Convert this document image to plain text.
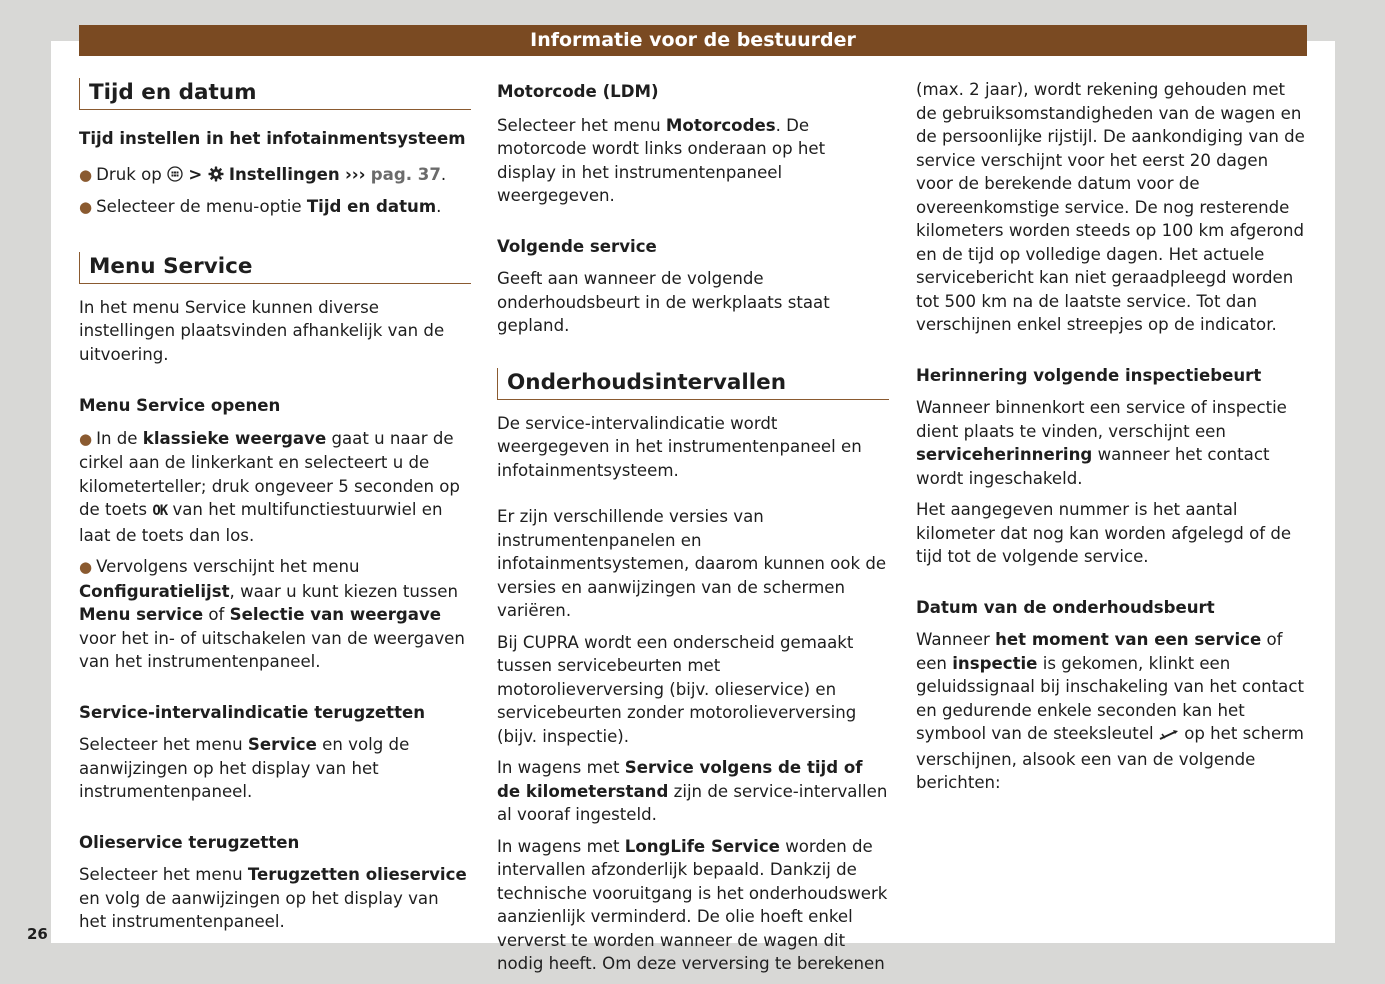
Informatie voor de bestuurder
Tijd en datum

Tijd instellen in het infotainmentsysteem

● Druk op > Instellingen ››› pag. 37.

● Selecteer de menu-optie Tijd en datum.

Menu Service

In het menu Service kunnen diverse instellingen plaatsvinden afhankelijk van de uitvoering.

Menu Service openen

● In de klassieke weergave gaat u naar de cirkel aan de linkerkant en selecteert u de kilometerteller; druk ongeveer 5 seconden op de toets OK van het multifunctiestuurwiel en laat de toets dan los.

● Vervolgens verschijnt het menu Configuratielijst, waar u kunt kiezen tussen Menu service of Selectie van weergave voor het in- of uitschakelen van de weergaven van het instrumentenpaneel.

Service-intervalindicatie terugzetten

Selecteer het menu Service en volg de aanwijzingen op het display van het instrumentenpaneel.

Olieservice terugzetten

Selecteer het menu Terugzetten olieservice en volg de aanwijzingen op het display van het instrumentenpaneel.

Motorcode (LDM)

Selecteer het menu Motorcodes. De motorcode wordt links onderaan op het display in het instrumentenpaneel weergegeven.

Volgende service

Geeft aan wanneer de volgende onderhoudsbeurt in de werkplaats staat gepland.

Onderhoudsintervallen

De service-intervalindicatie wordt weergegeven in het instrumentenpaneel en infotainmentsysteem.

Er zijn verschillende versies van instrumentenpanelen en infotainmentsystemen, daarom kunnen ook de versies en aanwijzingen van de schermen variëren.

Bij CUPRA wordt een onderscheid gemaakt tussen servicebeurten met motorolieverversing (bijv. olieservice) en servicebeurten zonder motorolieverversing (bijv. inspectie).

In wagens met Service volgens de tijd of de kilometerstand zijn de service-intervallen al vooraf ingesteld.

In wagens met LongLife Service worden de intervallen afzonderlijk bepaald. Dankzij de technische vooruitgang is het onderhoudswerk aanzienlijk verminderd. De olie hoeft enkel ververst te worden wanneer de wagen dit nodig heeft. Om deze verversing te berekenen

(max. 2 jaar), wordt rekening gehouden met de gebruiksomstandigheden van de wagen en de persoonlijke rijstijl. De aankondiging van de service verschijnt voor het eerst 20 dagen voor de berekende datum voor de overeenkomstige service. De nog resterende kilometers worden steeds op 100 km afgerond en de tijd op volledige dagen. Het actuele servicebericht kan niet geraadpleegd worden tot 500 km na de laatste service. Tot dan verschijnen enkel streepjes op de indicator.

Herinnering volgende inspectiebeurt

Wanneer binnenkort een service of inspectie dient plaats te vinden, verschijnt een serviceherinnering wanneer het contact wordt ingeschakeld.

Het aangegeven nummer is het aantal kilometer dat nog kan worden afgelegd of de tijd tot de volgende service.

Datum van de onderhoudsbeurt

Wanneer het moment van een service of een inspectie is gekomen, klinkt een geluidssignaal bij inschakeling van het contact en gedurende enkele seconden kan het symbool van de steeksleutel  op het scherm verschijnen, alsook een van de volgende berichten:

26
